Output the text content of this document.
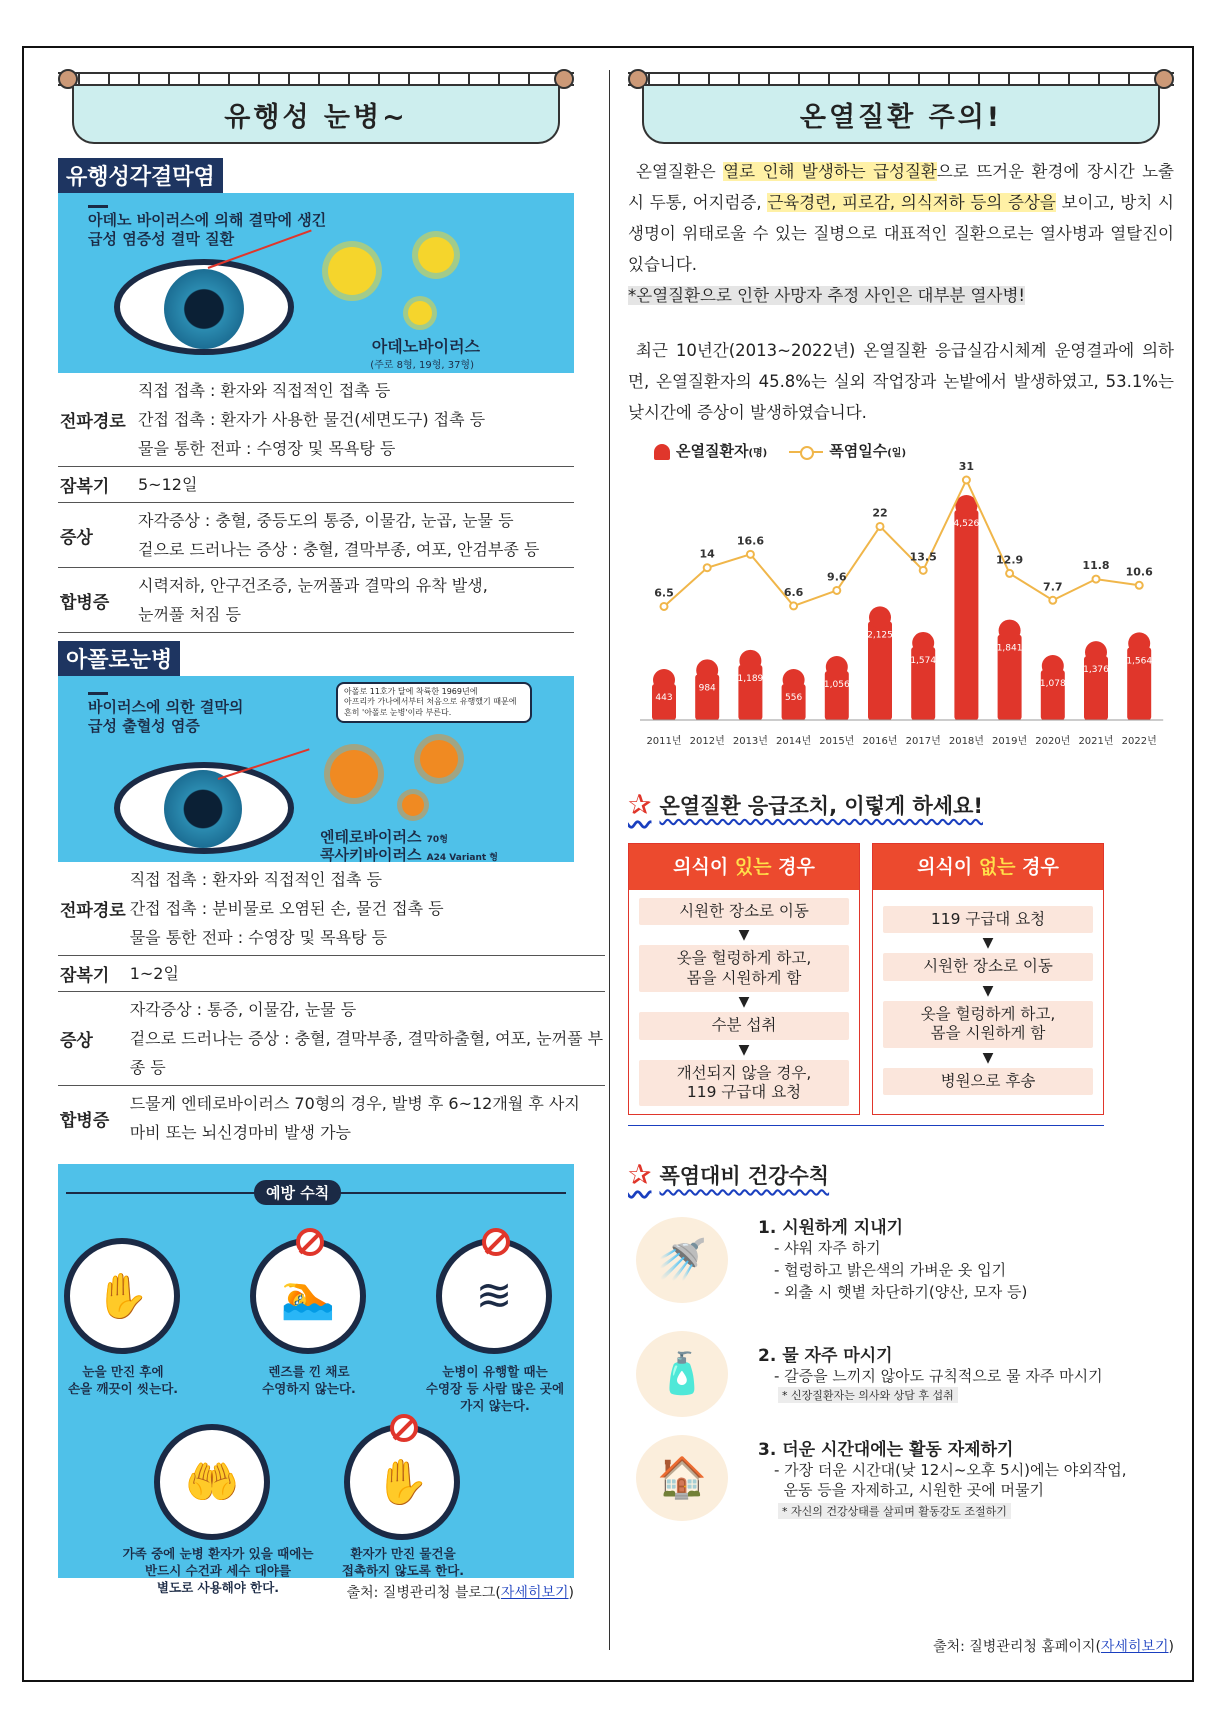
유행성 눈병~
유행성각결막염
아데노 바이러스에 의해 결막에 생긴
급성 염증성 결막 질환
아데노바이러스
(주로 8형, 19형, 37형)
전파경로	직접 접촉 : 환자와 직접적인 접촉 등
간접 접촉 : 환자가 사용한 물건(세면도구) 접촉 등
물을 통한 전파 : 수영장 및 목욕탕 등

잠복기	5~12일

증상	자각증상 : 충혈, 중등도의 통증, 이물감, 눈곱, 눈물 등
겉으로 드러나는 증상 : 충혈, 결막부종, 여포, 안검부종 등

합병증	시력저하, 안구건조증, 눈꺼풀과 결막의 유착 발생,
눈꺼풀 처짐 등
아폴로눈병
바이러스에 의한 결막의
급성 출혈성 염증
아폴로 11호가 달에 착륙한 1969년에
아프리카 가나에서부터 처음으로 유행했기 때문에
흔히 '아폴로 눈병'이라 부른다.
엔테로바이러스 70형
콕사키바이러스 A24 Variant 형
전파경로	직접 접촉 : 환자와 직접적인 접촉 등
간접 접촉 : 분비물로 오염된 손, 물건 접촉 등
물을 통한 전파 : 수영장 및 목욕탕 등

잠복기	1~2일

증상	자각증상 : 통증, 이물감, 눈물 등
겉으로 드러나는 증상 : 충혈, 결막부종, 결막하출혈, 여포, 눈꺼풀 부
종 등

합병증	드물게 엔테로바이러스 70형의 경우, 발병 후 6~12개월 후 사지
마비 또는 뇌신경마비 발생 가능
예방 수칙
✋
눈을 만진 후에
손을 깨끗이 씻는다.
🏊
렌즈를 낀 채로
수영하지 않는다.
≋
눈병이 유행할 때는
수영장 등 사람 많은 곳에
가지 않는다.
🤲
가족 중에 눈병 환자가 있을 때에는
반드시 수건과 세수 대야를
별도로 사용해야 한다.
✋
환자가 만진 물건을
접촉하지 않도록 한다.
출처: 질병관리청 블로그(자세히보기)
온열질환 주의!
온열질환은 열로 인해 발생하는 급성질환으로 뜨거운 환경에 장시간 노출 시 두통, 어지럼증, 근육경련, 피로감, 의식저하 등의 증상을 보이고, 방치 시 생명이 위태로울 수 있는 질병으로 대표적인 질환으로는 열사병과 열탈진이 있습니다.
*온열질환으로 인한 사망자 추정 사인은 대부분 열사병!
최근 10년간(2013~2022년) 온열질환 응급실감시체계 운영결과에 의하면, 온열질환자의 45.8%는 실외 작업장과 논밭에서 발생하였고, 53.1%는 낮시간에 증상이 발생하였습니다.
온열질환자(명)	폭염일수(일)
443
2011년
984
2012년
1,189
2013년
556
2014년
1,056
2015년
2,125
2016년
1,574
2017년
4,526
2018년
1,841
2019년
1,078
2020년
1,376
2021년
1,564
2022년
6.5
14
16.6
6.6
9.6
22
13.5
31
12.9
7.7
11.8 10.6
✰ 온열질환 응급조치, 이렇게 하세요!
의식이 있는 경우
시원한 장소로 이동
▼
옷을 헐렁하게 하고,
몸을 시원하게 함
▼
수분 섭취
▼
개선되지 않을 경우,
119 구급대 요청
의식이 없는 경우
119 구급대 요청
▼
시원한 장소로 이동
▼
옷을 헐렁하게 하고,
몸을 시원하게 함
▼
병원으로 후송
✰ 폭염대비 건강수칙
🚿
1. 시원하게 지내기
- 샤워 자주 하기
- 헐렁하고 밝은색의 가벼운 옷 입기
- 외출 시 햇볕 차단하기(양산, 모자 등)
🧴	2. 물 자주 마시기
- 갈증을 느끼지 않아도 규칙적으로 물 자주 마시기
* 신장질환자는 의사와 상담 후 섭취
🏠
3. 더운 시간대에는 활동 자제하기
- 가장 더운 시간대(낮 12시~오후 5시)에는 야외작업,
운동 등을 자제하고, 시원한 곳에 머물기
* 자신의 건강상태를 살피며 활동강도 조절하기
출처: 질병관리청 홈페이지(자세히보기)
